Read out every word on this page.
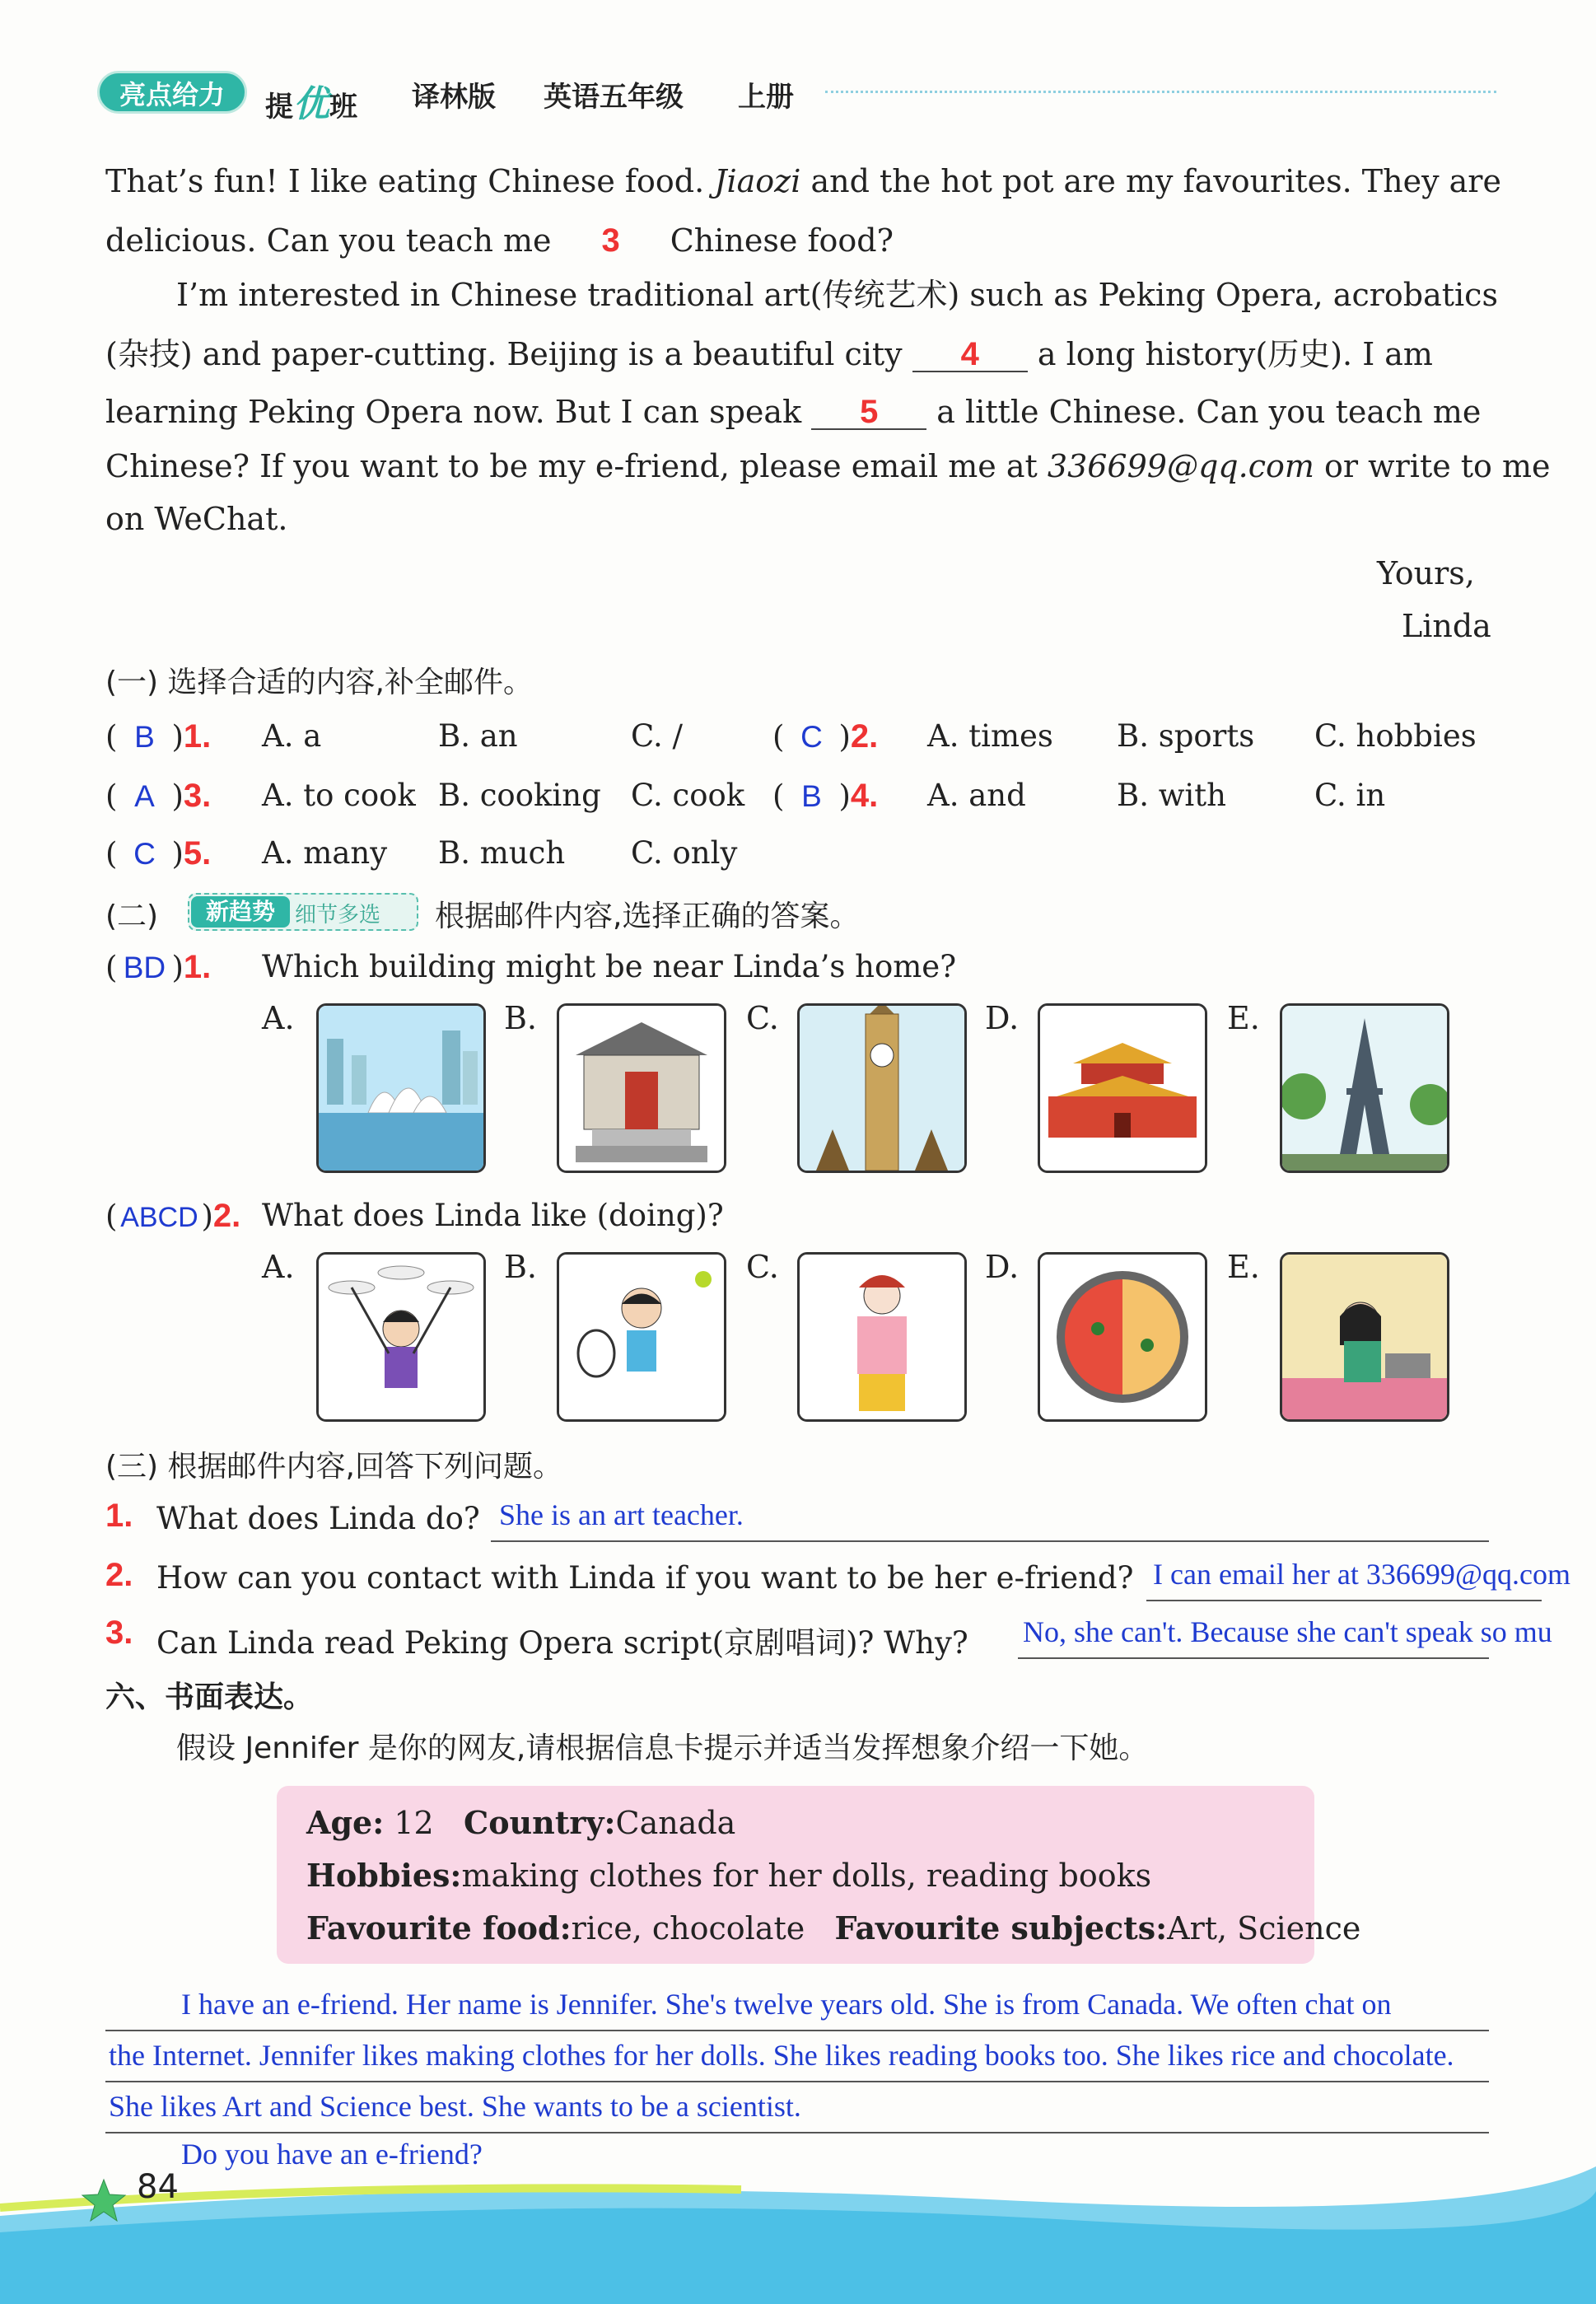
亮点给力	提优班 译林版 英语五年级 上册
That’s fun! I like eating Chinese food. Jiaozi and the hot pot are my favourites. They are
delicious. Can you teach me 3 Chinese food?
I’m interested in Chinese traditional art(传统艺术) such as Peking Opera, acrobatics
(杂技) and paper-cutting. Beijing is a beautiful city 4 a long history(历史). I am
learning Peking Opera now. But I can speak 5 a little Chinese. Can you teach me
Chinese? If you want to be my e-friend, please email me at 336699@qq.com or write to me
on WeChat.
Yours,
Linda
(一) 选择合适的内容,补全邮件。
( B )1. A. a	B. an	C. /	( C )2. A. times B. sports C. hobbies
( A )3. A. to cook B. cooking C. cook ( B )4. A. and	B. with	C. in
( C )5. A. many B. much C. only
(二)	新趋势 细节多选 根据邮件内容,选择正确的答案。
( BD )1. Which building might be near Linda’s home?
A.	B.	C.	D.	E.
( ABCD )2. What does Linda like (doing)?
A.	B.	C.	D.	E.
(三) 根据邮件内容,回答下列问题。
1. What does Linda do? She is an art teacher.
2. How can you contact with Linda if you want to be her e-friend? I can email her at 336699@qq.com
3. Can Linda read Peking Opera script(京剧唱词)? Why? No, she can't. Because she can't speak so mu
六、书面表达。
假设 Jennifer 是你的网友,请根据信息卡提示并适当发挥想象介绍一下她。
Age: 12 Country:Canada
Hobbies:making clothes for her dolls, reading books
Favourite food:rice, chocolate Favourite subjects:Art, Science
I have an e-friend. Her name is Jennifer. She's twelve years old. She is from Canada. We often chat on
the Internet. Jennifer likes making clothes for her dolls. She likes reading books too. She likes rice and chocolate.
She likes Art and Science best. She wants to be a scientist.
Do you have an e-friend?
84
